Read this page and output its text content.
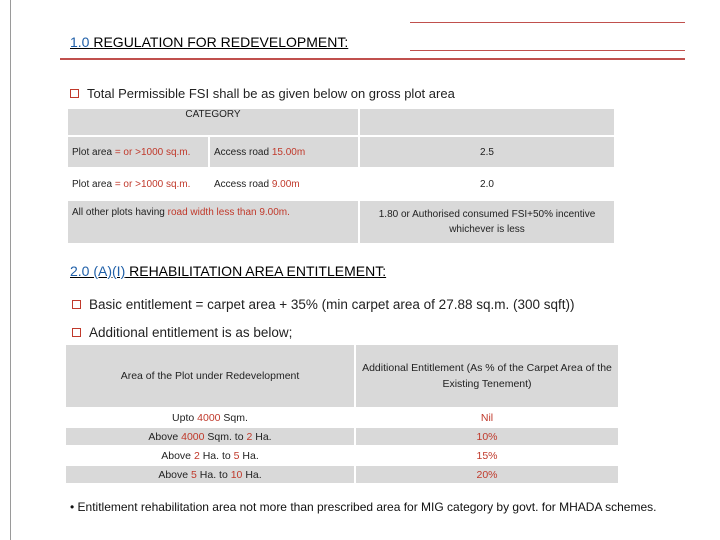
1.0 REGULATION FOR REDEVELOPMENT:
Total Permissible FSI shall be as given below on gross plot area
CATEGORY		
Plot area = or >1000 sq.m.	Access road 15.00m	2.5
Plot area = or >1000 sq.m.	Access road 9.00m	2.0
All other plots having road width less than 9.00m.		1.80 or Authorised consumed FSI+50% incentive whichever is less
2.0 (A)(I) REHABILITATION AREA ENTITLEMENT:
Basic entitlement = carpet area + 35% (min carpet area of 27.88 sq.m. (300 sqft))
Additional entitlement is as below;
Area of the Plot under Redevelopment	Additional Entitlement (As % of the Carpet Area of the Existing Tenement)
Upto 4000 Sqm.	Nil
Above 4000 Sqm. to 2 Ha.	10%
Above 2 Ha. to 5 Ha.	15%
Above 5 Ha. to 10 Ha.	20%
• Entitlement rehabilitation area not more than prescribed area for MIG category by govt. for MHADA schemes.
